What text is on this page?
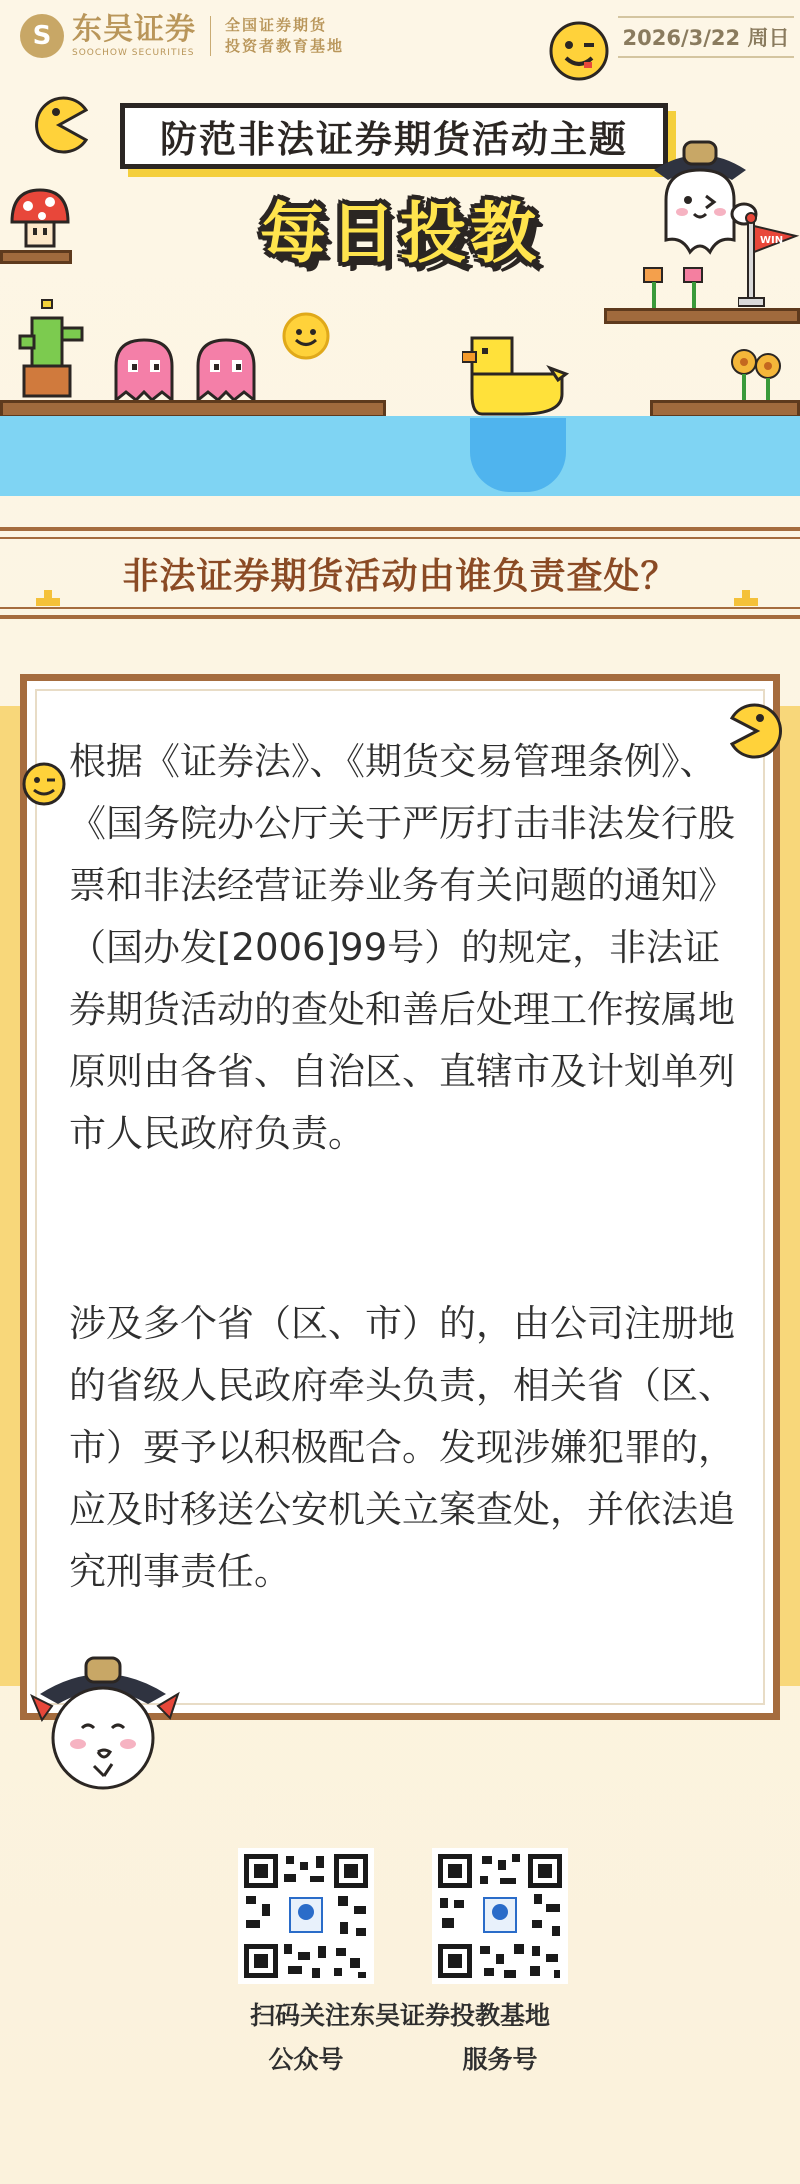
S 东吴证券
SOOCHOW SECURITIES
全国证券期货
投资者教育基地	2026/3/22 周日
防范非法证券期货活动主题
每日投教	WIN
非法证券期货活动由谁负责查处？

根据《证券法》、《期货交易管理条例》、《国务院办公厅关于严厉打击非法发行股票和非法经营证券业务有关问题的通知》（国办发[2006]99号）的规定，非法证券期货活动的查处和善后处理工作按属地原则由各省、自治区、直辖市及计划单列市人民政府负责。

涉及多个省（区、市）的，由公司注册地的省级人民政府牵头负责，相关省（区、市）要予以积极配合。发现涉嫌犯罪的，应及时移送公安机关立案查处，并依法追究刑事责任。

扫码关注东吴证券投教基地
公众号	服务号
